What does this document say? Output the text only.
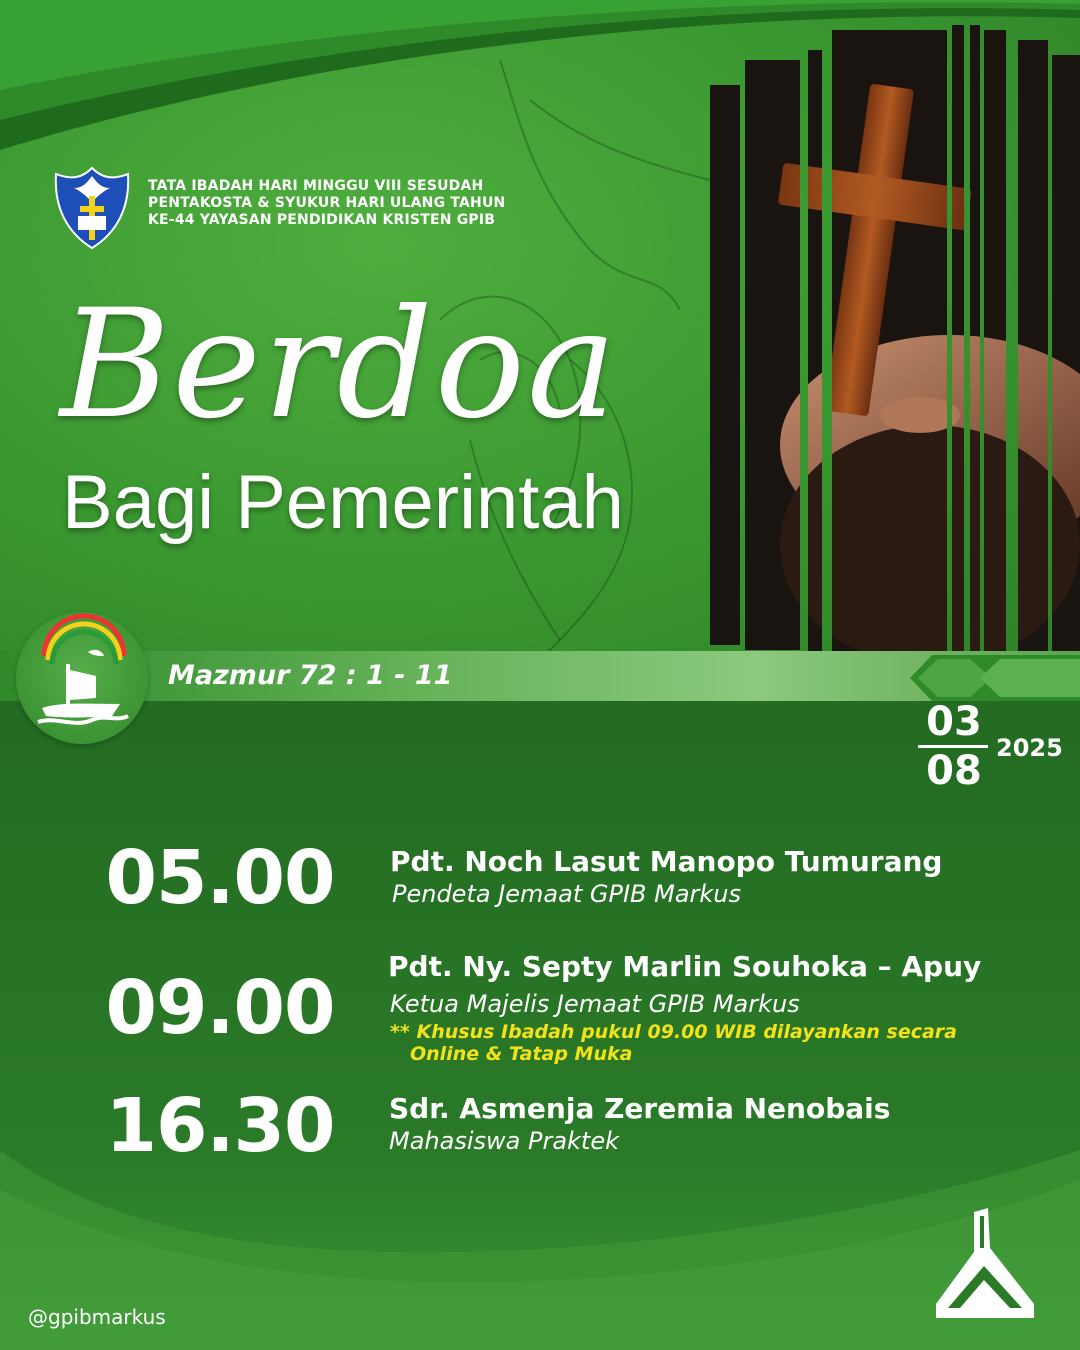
TATA IBADAH HARI MINGGU VIII SESUDAH
PENTAKOSTA & SYUKUR HARI ULANG TAHUN
KE-44 YAYASAN PENDIDIKAN KRISTEN GPIB
Berdoa
Bagi Pemerintah
Mazmur 72 : 1 - 11
03
08 2025
05.00	Pdt. Noch Lasut Manopo Tumurang
Pendeta Jemaat GPIB Markus
09.00	Pdt. Ny. Septy Marlin Souhoka – Apuy
Ketua Majelis Jemaat GPIB Markus
** Khusus Ibadah pukul 09.00 WIB dilayankan secara
Online & Tatap Muka
16.30	Sdr. Asmenja Zeremia Nenobais
Mahasiswa Praktek
@gpibmarkus
